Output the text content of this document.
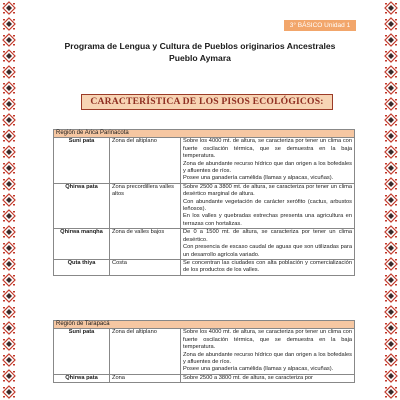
3° BÁSICO Unidad 1
Programa de Lengua y Cultura de Pueblos originarios Ancestrales
Pueblo Aymara
CARACTERÍSTICA DE LOS PISOS ECOLÓGICOS:
Región de Arica Parinacota		
Suni pata	Zona del altiplano	Sobre los 4000 mt. de altura, se caracteriza por tener un clima con fuerte oscilación térmica, que se demuestra en la baja temperatura.

Zona de abundante recurso hídrico que dan origen a los bofedales y afluentes de ríos.

Posee una ganadería camélida (llamas y alpacas, vicuñas).

Qhirwa pata	Zona precordillera valles altos	Sobre 2500 a 3800 mt. de altura, se caracteriza por tener un clima desértico marginal de altura.

Con abundante vegetación de carácter xerófito (cactus, arbustos leñosos).

En los valles y quebradas estrechas presenta una agricultura en terrazas con hortalizas.

Qhirwa manqha	Zona de valles bajos	De 0 a 1500 mt. de altura, se caracteriza por tener un clima desértico.

Con presencia de escaso caudal de aguas que son utilizadas para un desarrollo agrícola variado.

Quta thiya	Costa	Se concentran las ciudades con alta población y comercialización de los productos de los valles.

Región de Tarapacá		
Suni pata	Zona del altiplano	Sobre los 4000 mt. de altura, se caracteriza por tener un clima con fuerte oscilación térmica, que se demuestra en la baja temperatura.

Zona de abundante recurso hídrico que dan origen a los bofedales y afluentes de ríos.

Posee una ganadería camélida (llamas y alpacas, vicuñas).

Qhirwa pata	Zona	Sobre 2500 a 3800 mt. de altura, se caracteriza por
